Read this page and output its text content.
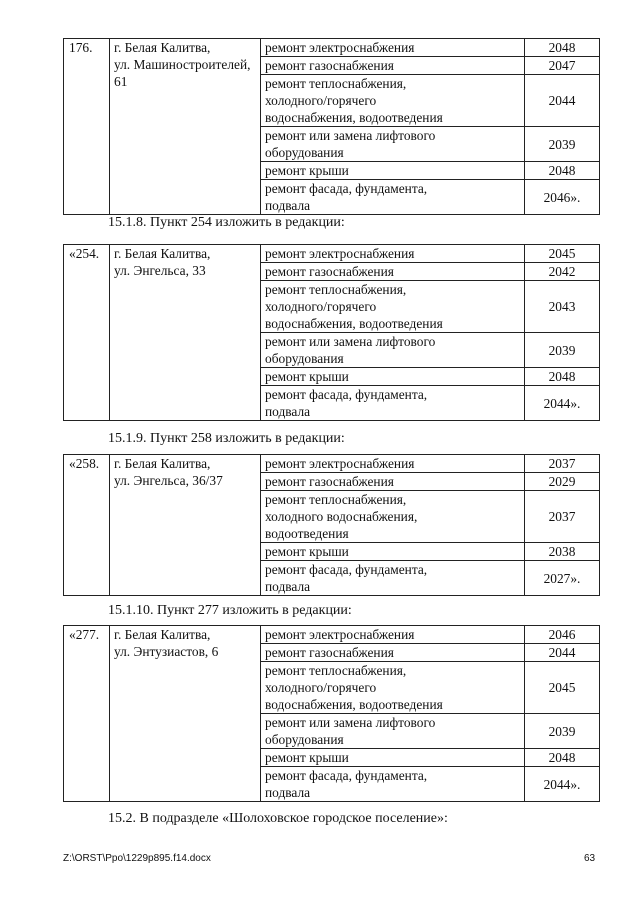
15.1.8. Пункт 254 изложить в редакции:
15.1.9. Пункт 258 изложить в редакции:
15.1.10. Пункт 277 изложить в редакции:
15.2. В подразделе «Шолоховское городское поселение»:
Z:\ORST\Ppo\1229p895.f14.docx	63
176.	г. Белая Калитва,
ул. Машиностроителей,
61	ремонт электроснабжения	2048

		ремонт газоснабжения	2047

		ремонт теплоснабжения,
холодного/горячего
водоснабжения, водоотведения	2044

		ремонт или замена лифтового
оборудования	2039

		ремонт крыши	2048

		ремонт фасада, фундамента,
подвала	2046».
«254.	г. Белая Калитва,
ул. Энгельса, 33	ремонт электроснабжения	2045

		ремонт газоснабжения	2042

		ремонт теплоснабжения,
холодного/горячего
водоснабжения, водоотведения	2043

		ремонт или замена лифтового
оборудования	2039

		ремонт крыши	2048

		ремонт фасада, фундамента,
подвала	2044».
«258.	г. Белая Калитва,
ул. Энгельса, 36/37	ремонт электроснабжения	2037

		ремонт газоснабжения	2029

		ремонт теплоснабжения,
холодного водоснабжения,
водоотведения	2037

		ремонт крыши	2038

		ремонт фасада, фундамента,
подвала	2027».
«277.	г. Белая Калитва,
ул. Энтузиастов, 6	ремонт электроснабжения	2046

		ремонт газоснабжения	2044

		ремонт теплоснабжения,
холодного/горячего
водоснабжения, водоотведения	2045

		ремонт или замена лифтового
оборудования	2039

		ремонт крыши	2048

		ремонт фасада, фундамента,
подвала	2044».
